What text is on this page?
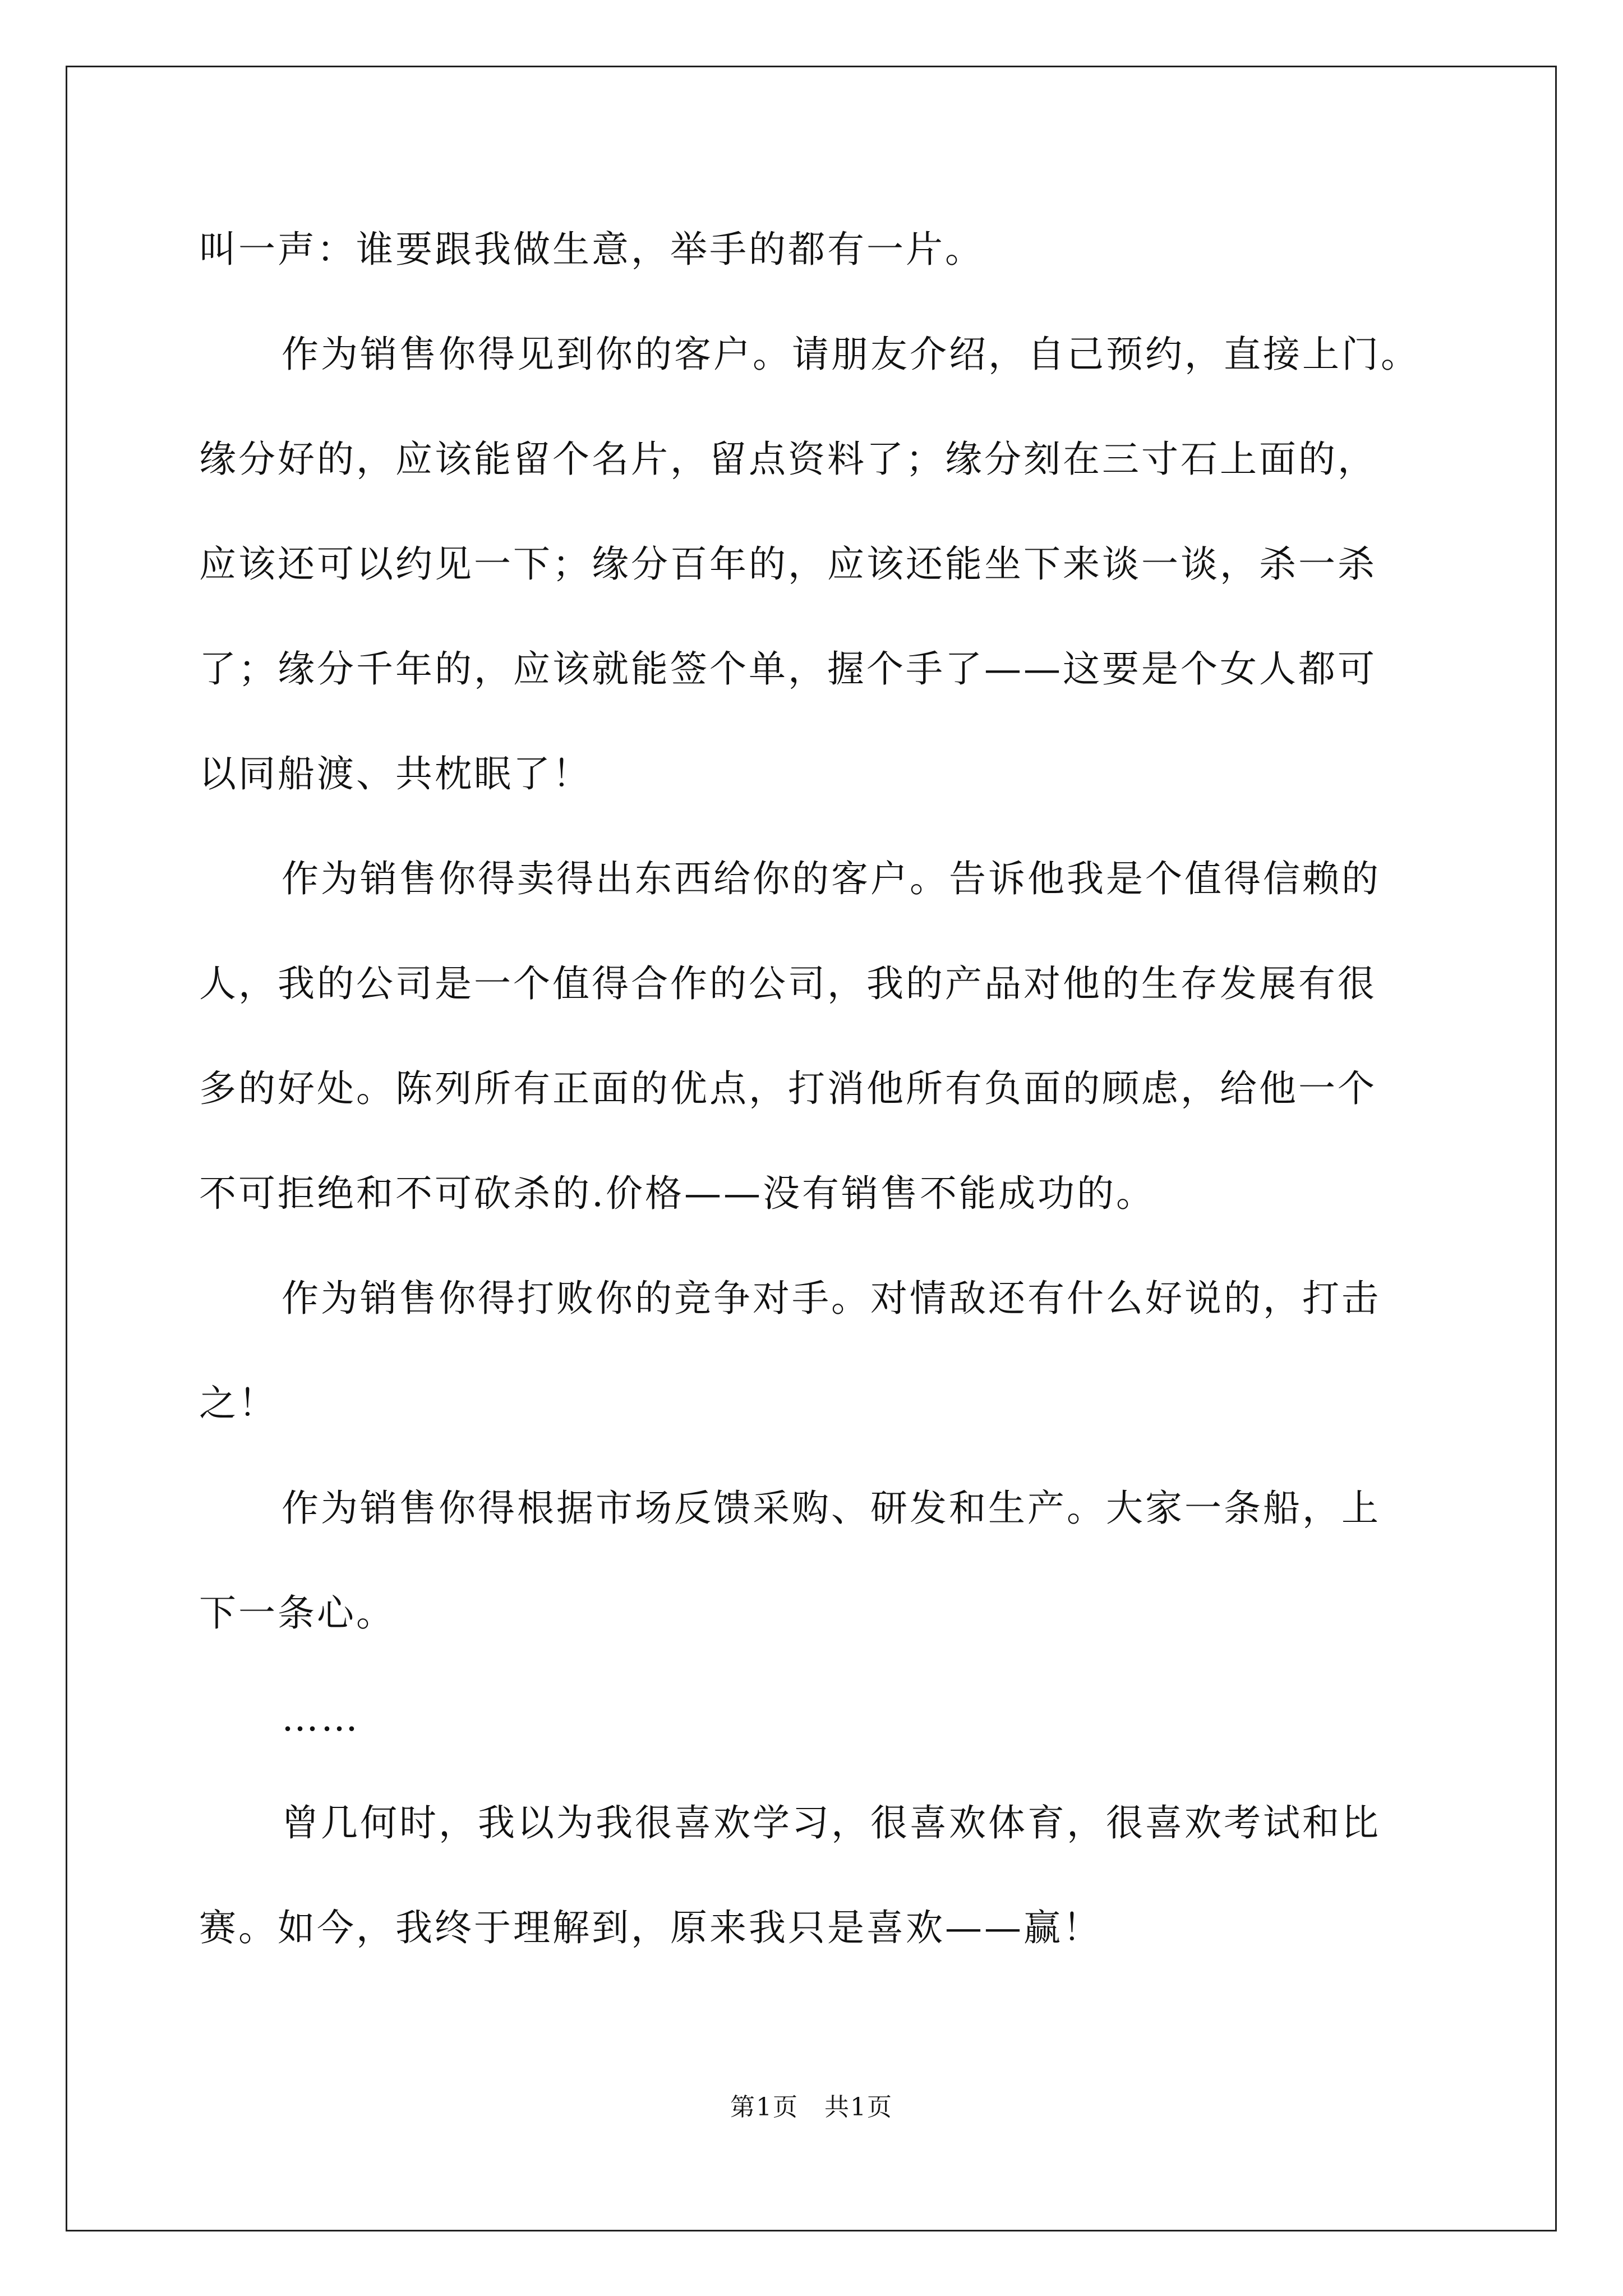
叫一声：谁要跟我做生意，举手的都有一片。
作为销售你得见到你的客户。请朋友介绍，自己预约，直接上门。
缘分好的，应该能留个名片，留点资料了；缘分刻在三寸石上面的，
应该还可以约见一下；缘分百年的，应该还能坐下来谈一谈，杀一杀
了；缘分千年的，应该就能签个单，握个手了——这要是个女人都可
以同船渡、共枕眠了！
作为销售你得卖得出东西给你的客户。告诉他我是个值得信赖的
人，我的公司是一个值得合作的公司，我的产品对他的生存发展有很
多的好处。陈列所有正面的优点，打消他所有负面的顾虑，给他一个
不可拒绝和不可砍杀的.价格——没有销售不能成功的。
作为销售你得打败你的竞争对手。对情敌还有什么好说的，打击
之！
作为销售你得根据市场反馈采购、研发和生产。大家一条船，上
下一条心。
……
曾几何时，我以为我很喜欢学习，很喜欢体育，很喜欢考试和比
赛。如今，我终于理解到，原来我只是喜欢——赢！
第1页　共1页
